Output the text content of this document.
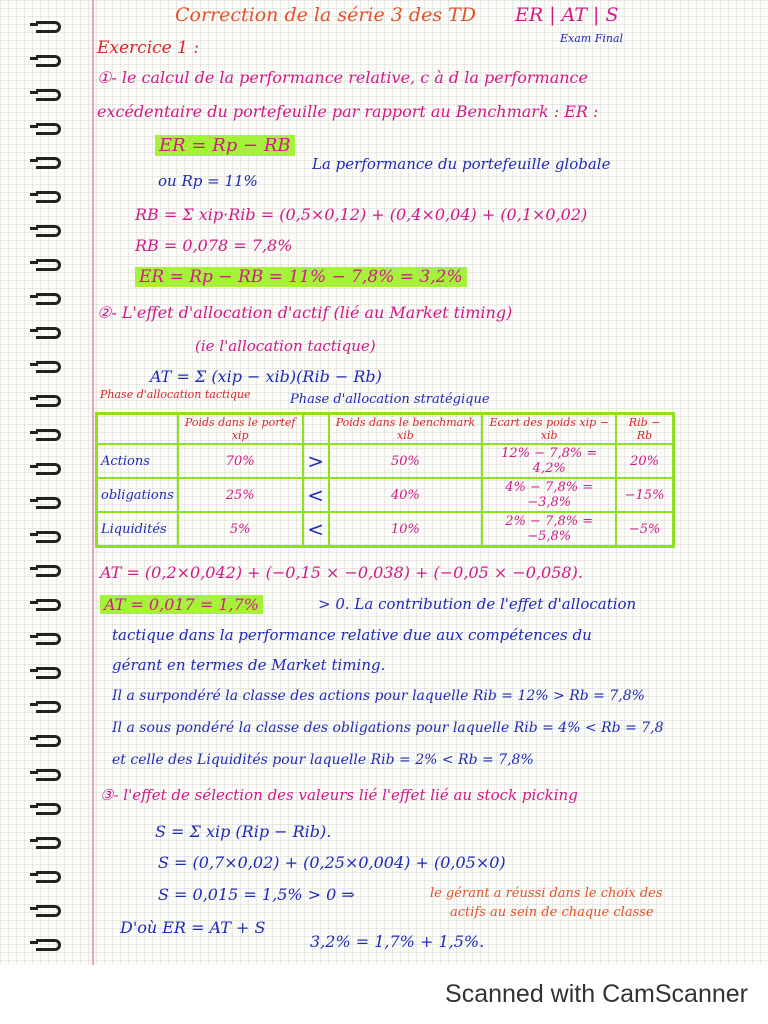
Correction de la série 3 des TD ER | AT | S
Exam Final
Exercice 1 :
①- le calcul de la performance relative, c à d la performance
excédentaire du portefeuille par rapport au Benchmark : ER :
ER = Rp − RB
La performance du portefeuille globale
ou Rp = 11%
RB = Σ xip·Rib = (0,5×0,12) + (0,4×0,04) + (0,1×0,02)
RB = 0,078 = 7,8%
ER = Rp − RB = 11% − 7,8% = 3,2%
②- L'effet d'allocation d'actif (lié au Market timing)
(ie l'allocation tactique)
AT = Σ (xip − xib)(Rib − Rb)
Phase d'allocation tactique	Phase d'allocation stratégique
	Poids dans le portef xip		Poids dans le benchmark xib	Ecart des poids xip − xib	Rib − Rb
Actions	70%	>	50%	12% − 7,8% = 4,2%	20%
obligations	25%	<	40%	4% − 7,8% = −3,8%	−15%
Liquidités	5%	<	10%	2% − 7,8% = −5,8%	−5%
AT = (0,2×0,042) + (−0,15 × −0,038) + (−0,05 × −0,058).
AT = 0,017 = 1,7%	> 0. La contribution de l'effet d'allocation
tactique dans la performance relative due aux compétences du
gérant en termes de Market timing.
Il a surpondéré la classe des actions pour laquelle Rib = 12% > Rb = 7,8%
Il a sous pondéré la classe des obligations pour laquelle Rib = 4% < Rb = 7,8
et celle des Liquidités pour laquelle Rib = 2% < Rb = 7,8%
③- l'effet de sélection des valeurs lié l'effet lié au stock picking
S = Σ xip (Rip − Rib).
S = (0,7×0,02) + (0,25×0,004) + (0,05×0)
S = 0,015 = 1,5% > 0 ⇒	le gérant a réussi dans le choix des
actifs au sein de chaque classe
D'où ER = AT + S
3,2% = 1,7% + 1,5%.
Scanned with CamScanner
